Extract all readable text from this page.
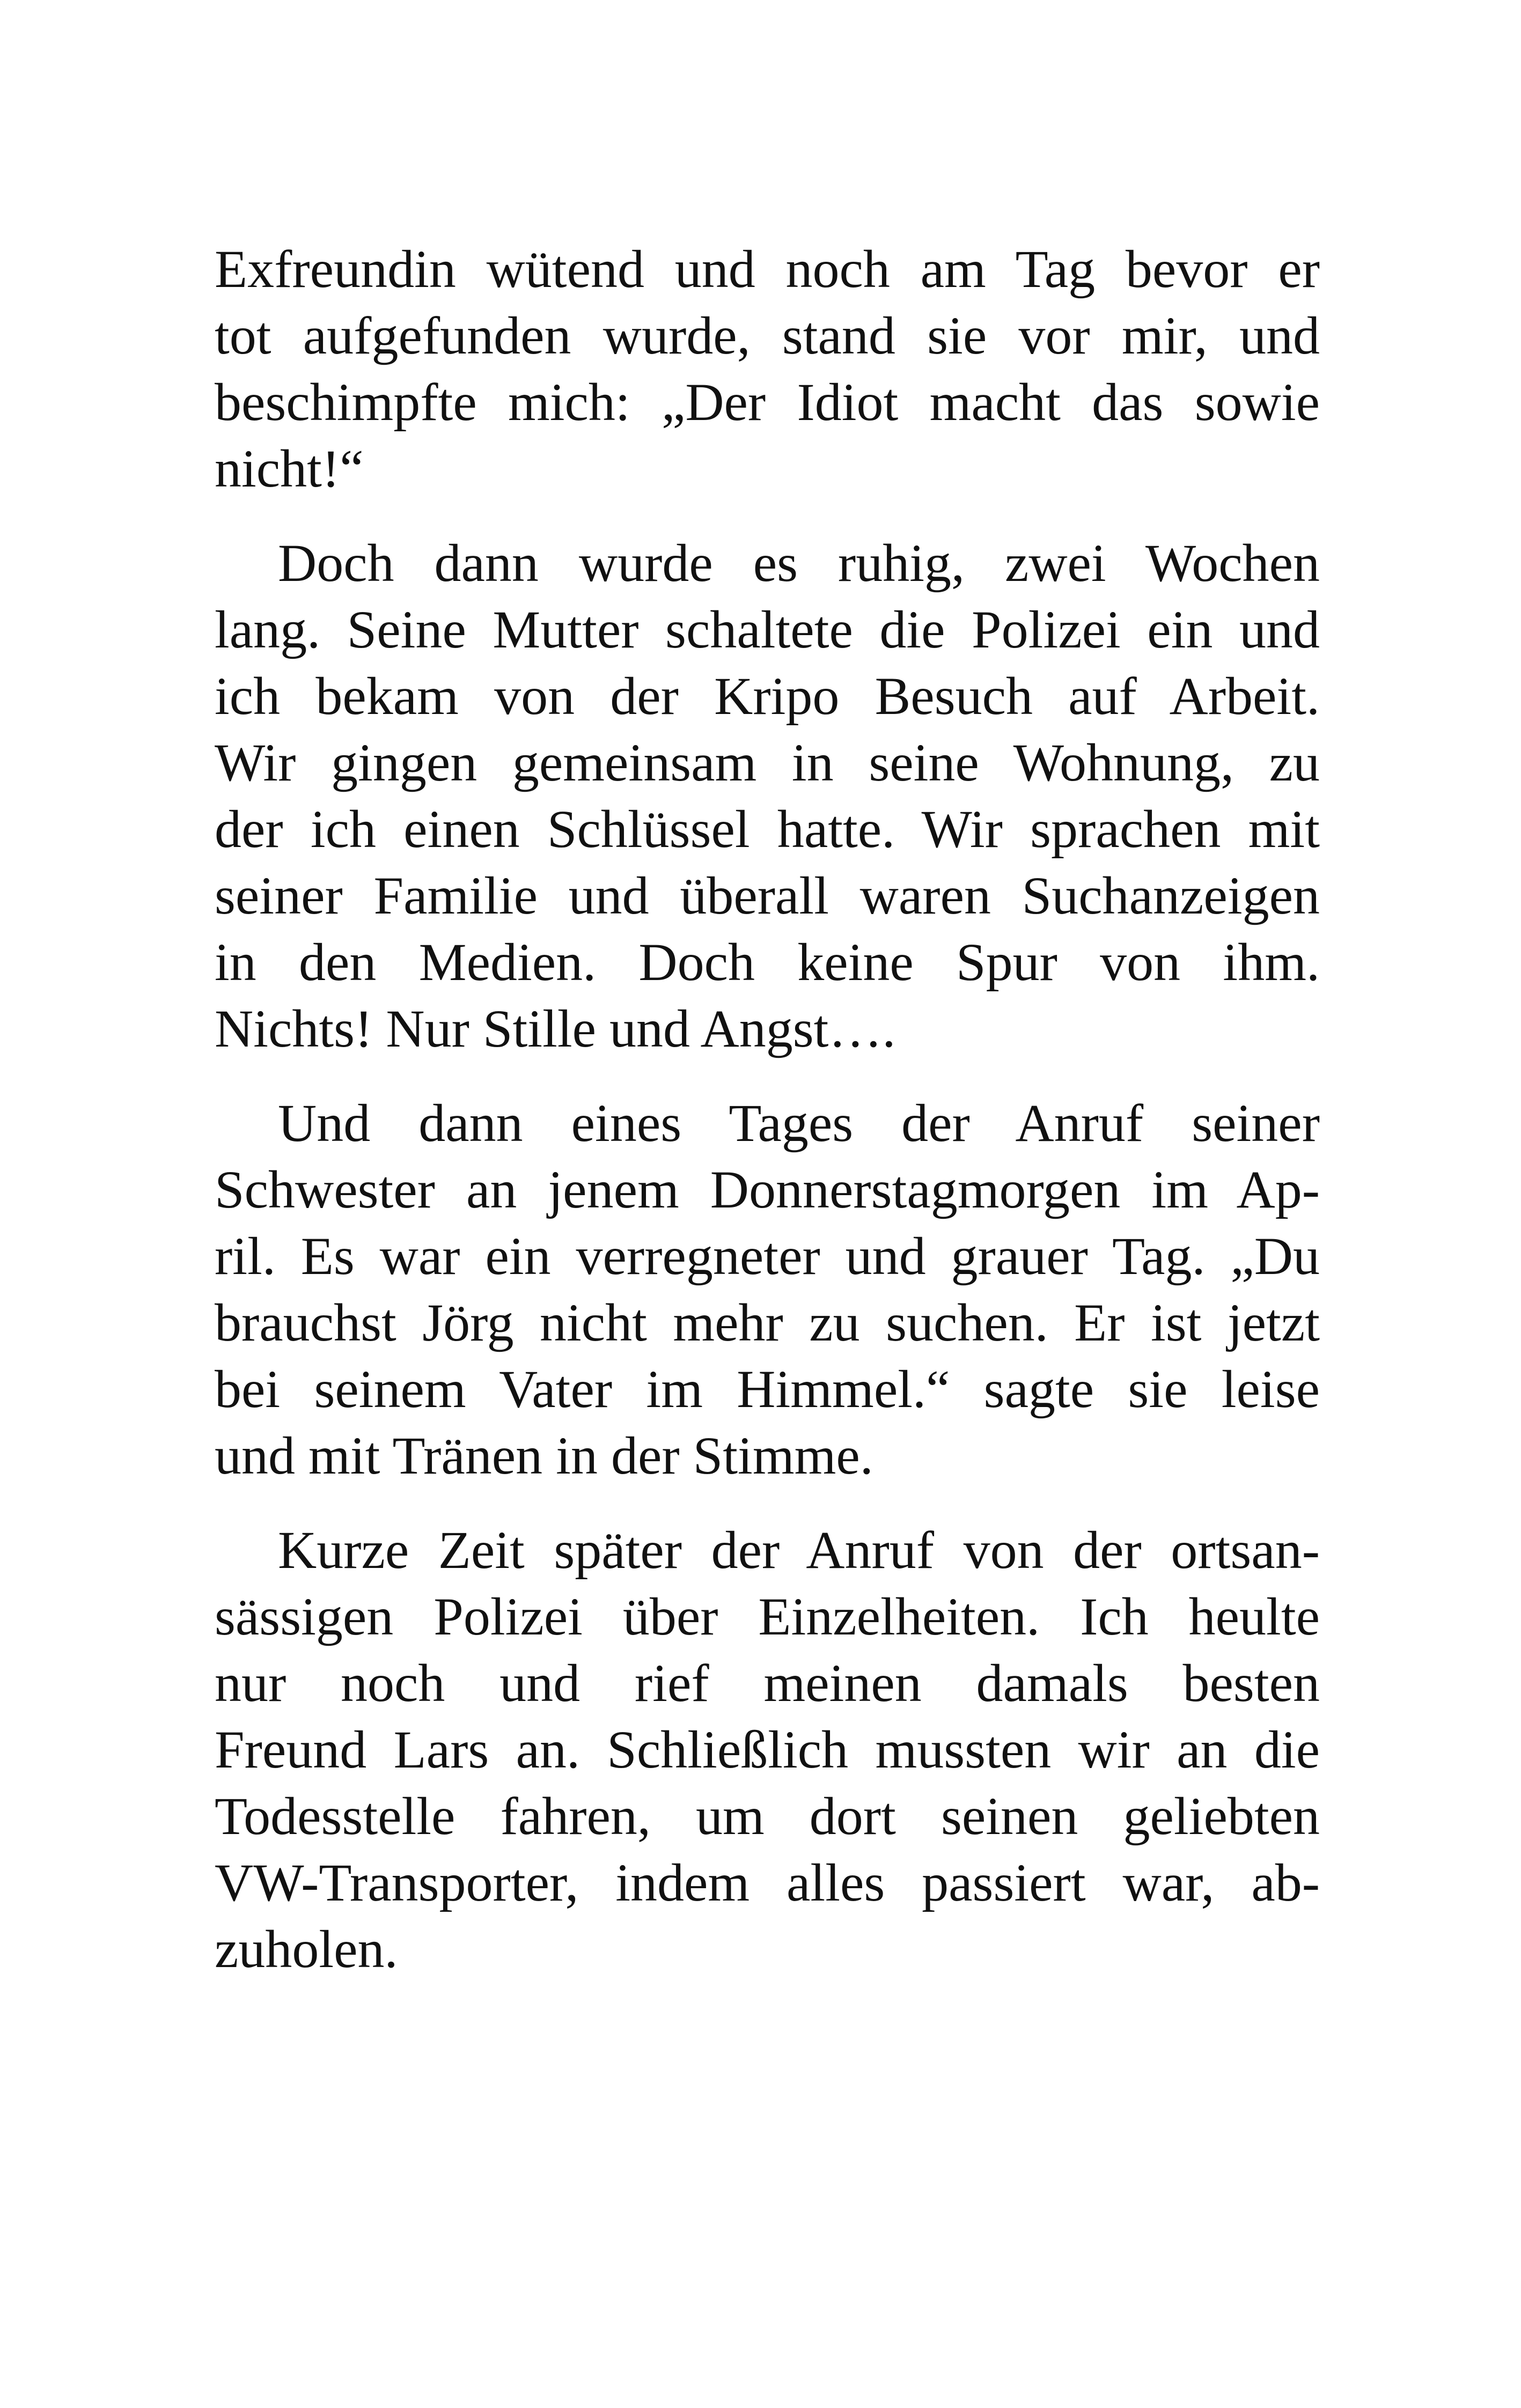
Exfreundin wütend und noch am Tag bevor er
tot aufgefunden wurde, stand sie vor mir, und
beschimpfte mich: „Der Idiot macht das sowie
nicht!“
Doch dann wurde es ruhig, zwei Wochen
lang. Seine Mutter schaltete die Polizei ein und
ich bekam von der Kripo Besuch auf Arbeit.
Wir gingen gemeinsam in seine Wohnung, zu
der ich einen Schlüssel hatte. Wir sprachen mit
seiner Familie und überall waren Suchanzeigen
in den Medien. Doch keine Spur von ihm.
Nichts! Nur Stille und Angst….
Und dann eines Tages der Anruf seiner
Schwester an jenem Donnerstagmorgen im Ap-
ril. Es war ein verregneter und grauer Tag. „Du
brauchst Jörg nicht mehr zu suchen. Er ist jetzt
bei seinem Vater im Himmel.“ sagte sie leise
und mit Tränen in der Stimme.
Kurze Zeit später der Anruf von der ortsan-
sässigen Polizei über Einzelheiten. Ich heulte
nur noch und rief meinen damals besten
Freund Lars an. Schließlich mussten wir an die
Todesstelle fahren, um dort seinen geliebten
VW-Transporter, indem alles passiert war, ab-
zuholen.
